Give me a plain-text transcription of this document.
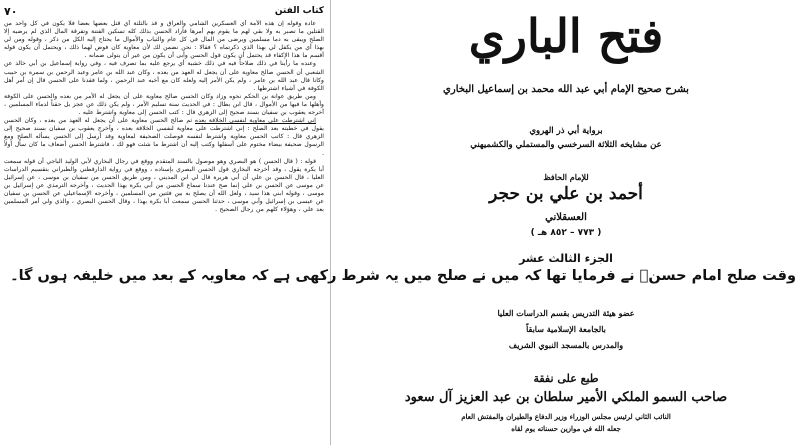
كتاب الفتن
٧٠

عادة وقوله إن هذه الأمة أي العسكرين الشامي والعراق و قد بالثلثة أي قتل بعضها بعضاً فلا يكون في كل واحد من القتلين ما تصبر به ولا بقي لهم ما يقوم بهم أمرها فأراد الحسن بذلك كله تسكين الفتنة وتفرقة المال الذي لم يرضيه إلا الصلح ويبقى به دما مسلمين ويرضى من المال في كل عام والثياب والأموال ما يحتاج إليه الكل من ذكر ، وقوله ومن لي بهذا أي من يكفل لي بهذا الذي ذكرتماه ؟ فقالا : نحن نضمن لك لأن معاوية كان فوض لهما ذلك ، ويحتمل أن يكون قوله أقسم ما هذا الإكفاء قد يحتمل أن يكون قول الحسن وأبى أن يكون من غير أن يتولى ضمانه .

وعنده ما رأينا في ذلك صلاحاً فيه في ذلك خشية أي يرجع عليه بما تصرف فيه ، وفي رواية إسماعيل بن أبي خالد عن الشعبي أن الحسن صالح معاوية على أن يجعل له العهد من بعده ، وكان عبد الله بن عامر وعبد الرحمن بن سمرة بن حبيب وكانا قال عبد الله بن عامر ، ولم يكن الأمر إليه ولعله كان مع أخيه عبد الرحمن ، ولما فقدنا على الحسن قال إن أمر أهل الكوفة في أشياء اشترطها .

ومن طريق عوانة بن الحكم نحوه وزاد وكان الحسن صالح معاوية على أن يجعل له الأمر من بعده والحسن على الكوفة وأهلها ما فيها من الأموال ، قال ابن بطال : في الحديث سنة تسليم الأمر ، ولم يكن ذلك عن عجز بل حقناً لدماء المسلمين ، أخرجه يعقوب بن سفيان بسند صحيح إلى الزهري قال : كتب الحسن إلى معاوية واشترط عليه .

إني اشترطت على معاوية لنفسي الخلافة بعده ثم صالح الحسن معاوية على أن يجعل له العهد من بعده ، وكان الحسن يقول في خطبته بعد الصلح : إني اشترطت على معاوية لنفسي الخلافة بعده ، وأخرج يعقوب بن سفيان بسند صحيح إلى الزهري قال : كاتب الحسن معاوية واشترط لنفسه فوصلت الصحيفة لمعاوية وقد أرسل إلى الحسن يسأله الصلح ومع الرسول صحيفة بيضاء مختوم على أسفلها وكتب إليه أن اشترط ما شئت فهو لك ، فاشترط الحسن أضعاف ما كان سأل أولاً .

قوله : ( قال الحسن ) هو البصري وهو موصول بالسند المتقدم ووقع في رجال البخاري لأبي الوليد الباجي أن قوله سمعت أبا بكرة يقول ، وقد أخرجه البخاري قول الحسن البصري بإسناده ، ووقع في رواية الدارقطني والطبراني بتقسيم الدراسات العليا ، قال الحسن بن علي أن أبي هريرة قال لي ابن المديني ، ومن طريق الحسن من سفيان بن موسى ، عن إسرائيل عن موسى عن الحسن بن علي إنما صح عندنا سماع الحسن من أبي بكرة بهذا الحديث ، وأخرجه الترمذي عن إسرائيل بن موسى ، وقوله ابني هذا سيد ، ولعل الله أن يصلح به بين فئتين من المسلمين ، وأخرجه الإسماعيلي عن الحسن بن سفيان عن عيسى بن إسرائيل وأبي موسى ، حدثنا الحسن سمعت أبا بكرة بهذا ، وقال الحسن البصري ، والذي ولي أمر المسلمين بعد علي ، وهؤلاء كلهم من رجال الصحيح .

فتح الباري
بشرح صحيح الإمام أبي عبد الله محمد بن إسماعيل البخاري
برواية أبي ذر الهروي
عن مشايخه الثلاثة السرخسي والمستملي والكشميهني
للإمام الحافظ
أحمد بن علي بن حجر
العسقلاني
( ٧٧٣ – ٨٥٢ هـ )
الجزء الثالث عشر
وقت صلح امام حسنؓ نے فرمایا تھا کہ میں نے صلح میں یہ شرط رکھی ہے کہ معاویہ کے بعد میں خلیفہ ہوں گا۔
عضو هيئة التدريس بقسم الدراسات العليا
بالجامعة الإسلامية سابقاً
والمدرس بالمسجد النبوي الشريف
طبع على نفقة
صاحب السمو الملكي الأمير سلطان بن عبد العزيز آل سعود
النائب الثاني لرئيس مجلس الوزراء وزير الدفاع والطيران والمفتش العام
جعله الله في موازين حسناته يوم لقاه
